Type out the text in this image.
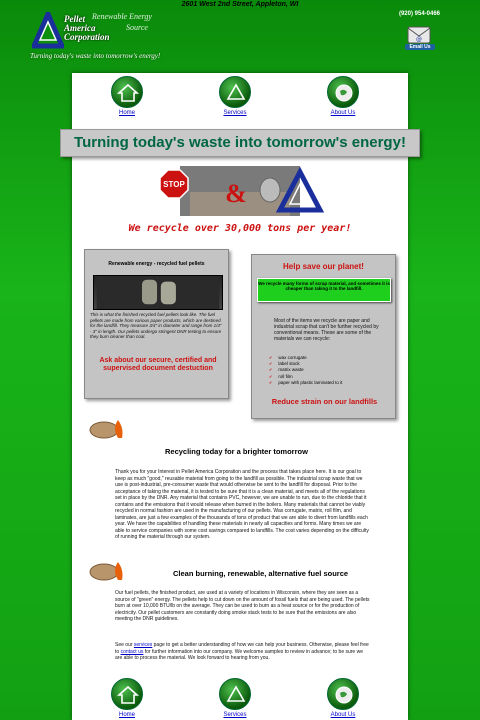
2601 West 2nd Street, Appleton, WI
(920) 954-0466
Renewable Energy
Source
Pellet
America
Corporation
Turning today's waste into tomorrow's energy!
@
Email Us
Home	Services	About Us
Turning today's waste into tomorrow's energy!
STOP &
We recycle over 30,000 tons per year!
Renewable energy - recycled fuel pellets
This is what the finished recycled fuel pellets look like. The fuel pellets are made from various paper products, which are destined for the landfill. They measure 3/4" in diameter and range from 1/4" - 3" in length. Our pellets undergo stringent DNR testing to ensure they burn cleaner than coal.
Ask about our secure, certified and supervised document destuction
Help save our planet!
We recycle many forms of scrap material, and sometimes it is cheaper than taking it to the landfill.
Most of the items we recycle are paper and industrial scrap that can't be further recycled by conventional means. These are some of the materials we can recycle:
✔ wax corrugate
✔ label stock
✔ matrix waste
✔ roll film
✔ paper with plastic laminated to it
Reduce strain on our landfills
Recycling today for a brighter tomorrow
Thank you for your Interest in Pellet America Corporation and the process that takes place here. It is our goal to keep as much "good," reusable material from going to the landfill as possible. The industrial scrap waste that we use is post-industrial, pre-consumer waste that would otherwise be sent to the landfill for disposal. Prior to the acceptance of taking the material, it is tested to be sure that it is a clean material, and meets all of the regulations set in place by the DNR. Any material that contains PVC, however, we are unable to run, due to the chloride that it contains and the emissions that it would release when burned in the boilers. Many materials that cannot be viably recycled in normal fashion are used in the manufacturing of our pellets. Wax corrugate, matrix, roll film, and laminates, are just a few examples of the thousands of tons of product that we are able to divert from landfills each year. We have the capabilities of handling these materials in nearly all capacities and forms. Many times we are able to service companies with some cost savings compared to landfills. The cost varies depending on the difficulty of running the material through our system.
Clean burning, renewable, alternative fuel source
Our fuel pellets, the finished product, are used at a variety of locations in Wisconsin, where they are seen as a source of "green" energy. The pellets help to cut down on the amount of fossil fuels that are being used. The pellets burn at over 10,000 BTU/lb on the average. They can be used to burn as a heat source or for the production of electricity. Our pellet customers are constantly doing smoke stack tests to be sure that the emissions are also meeting the DNR guidelines.
See our services page to get a better understanding of how we can help your business. Otherwise, please feel free to contact us for further information into our company. We welcome samples to review in advance; to be sure we are able to process the material. We look forward to hearing from you.
Home	Services	About Us
